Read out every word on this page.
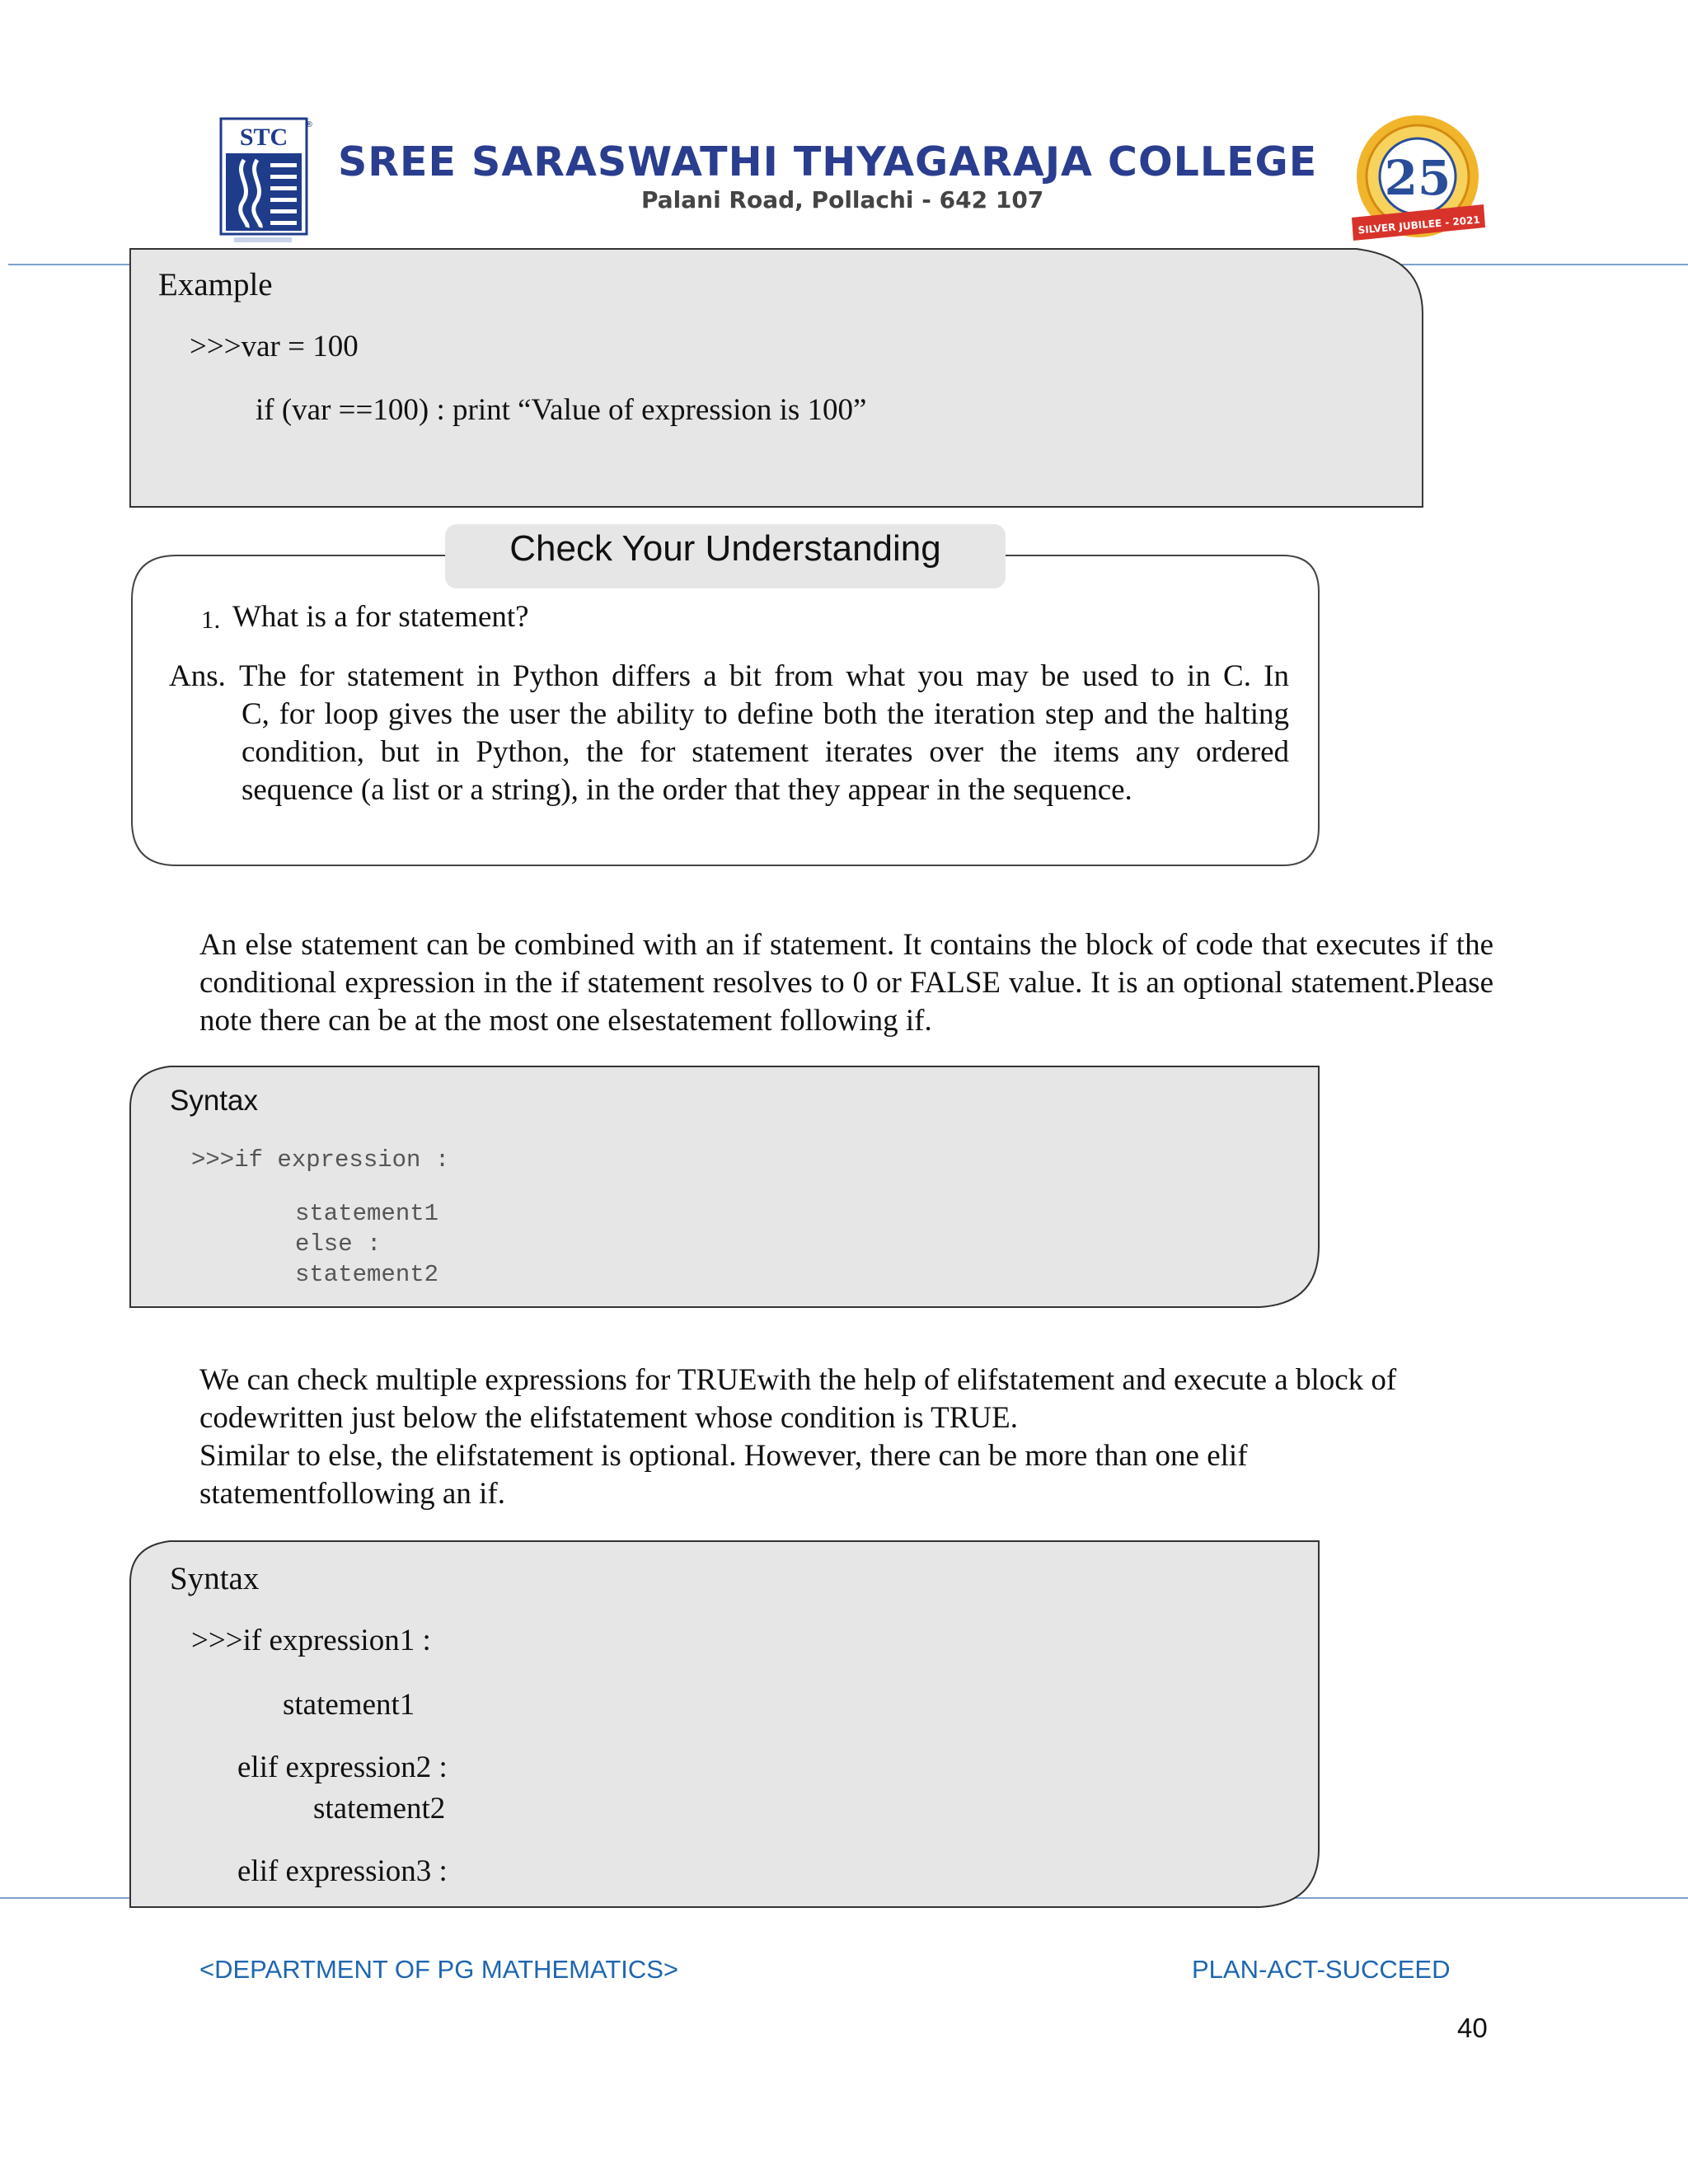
STC ®
SREE SARASWATHI THYAGARAJA COLLEGE
Palani Road, Pollachi - 642 107	25
SILVER JUBILEE - 2021
Example
>>>var = 100
if (var ==100) : print “Value of expression is 100”
Check Your Understanding
1. What is a for statement?
Ans. The for statement in Python differs a bit from what you may be used to in C. In

C, for loop gives the user the ability to define both the iteration step and the halting condition, but in Python, the for statement iterates over the items any ordered sequence (a list or a string), in the order that they appear in the sequence.

An else statement can be combined with an if statement. It contains the block of code that executes if the conditional expression in the if statement resolves to 0 or FALSE value. It is an optional statement.Please note there can be at the most one elsestatement following if.

Syntax
>>>if expression :
statement1
else :
statement2
We can check multiple expressions for TRUEwith the help of elifstatement and execute a block of
codewritten just below the elifstatement whose condition is TRUE.
Similar to else, the elifstatement is optional. However, there can be more than one elif
statementfollowing an if.
Syntax
>>>if expression1 :
statement1
elif expression2 :
statement2
elif expression3 :
<DEPARTMENT OF PG MATHEMATICS>	PLAN-ACT-SUCCEED
40
